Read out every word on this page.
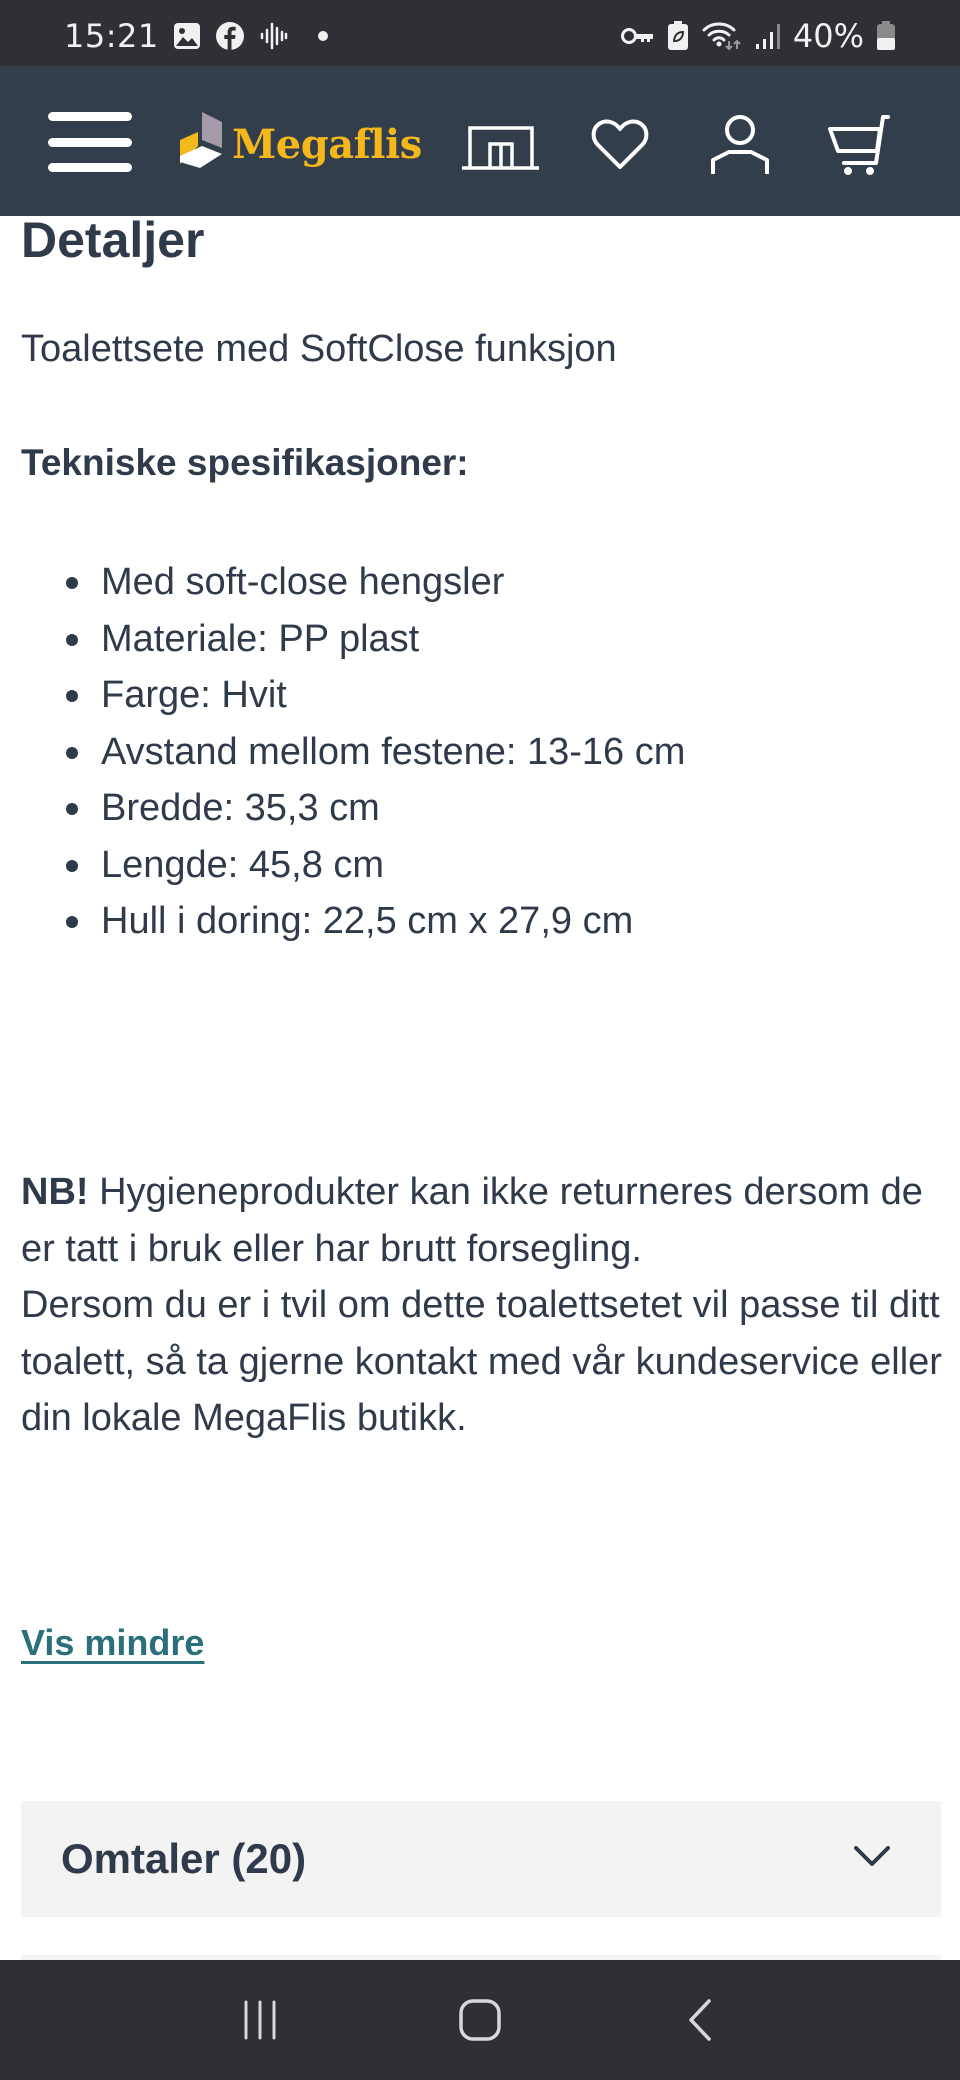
15:21	40%
Megaflis
Detaljer

Toalettsete med SoftClose funksjon

Tekniske spesifikasjoner:
Med soft-close hengsler
Materiale: PP plast
Farge: Hvit
Avstand mellom festene: 13-16 cm
Bredde: 35,3 cm
Lengde: 45,8 cm
Hull i doring: 22,5 cm x 27,9 cm
NB! Hygieneprodukter kan ikke returneres dersom de er tatt i bruk eller har brutt forsegling.
Dersom du er i tvil om dette toalettsetet vil passe til ditt toalett, så ta gjerne kontakt med vår kundeservice eller din lokale MegaFlis butikk.
Vis mindre
Omtaler (20)
